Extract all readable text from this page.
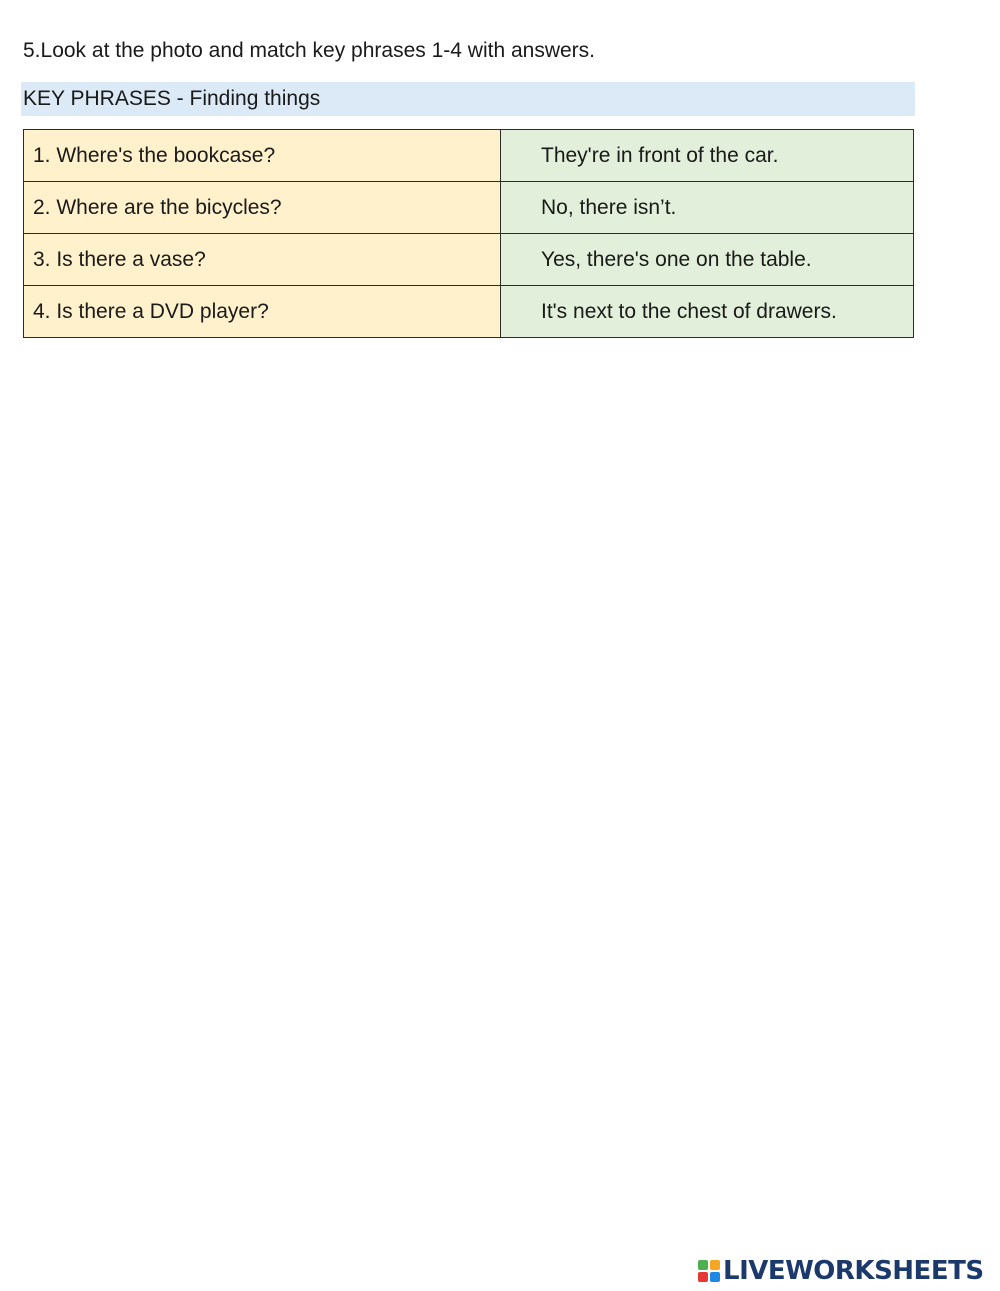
5.Look at the photo and match key phrases 1-4 with answers.
KEY PHRASES - Finding things
1. Where's the bookcase?	They're in front of the car.
2. Where are the bicycles?	No, there isn’t.
3. Is there a vase?	Yes, there's one on the table.
4. Is there a DVD player?	It's next to the chest of drawers.
LIVEWORKSHEETS
